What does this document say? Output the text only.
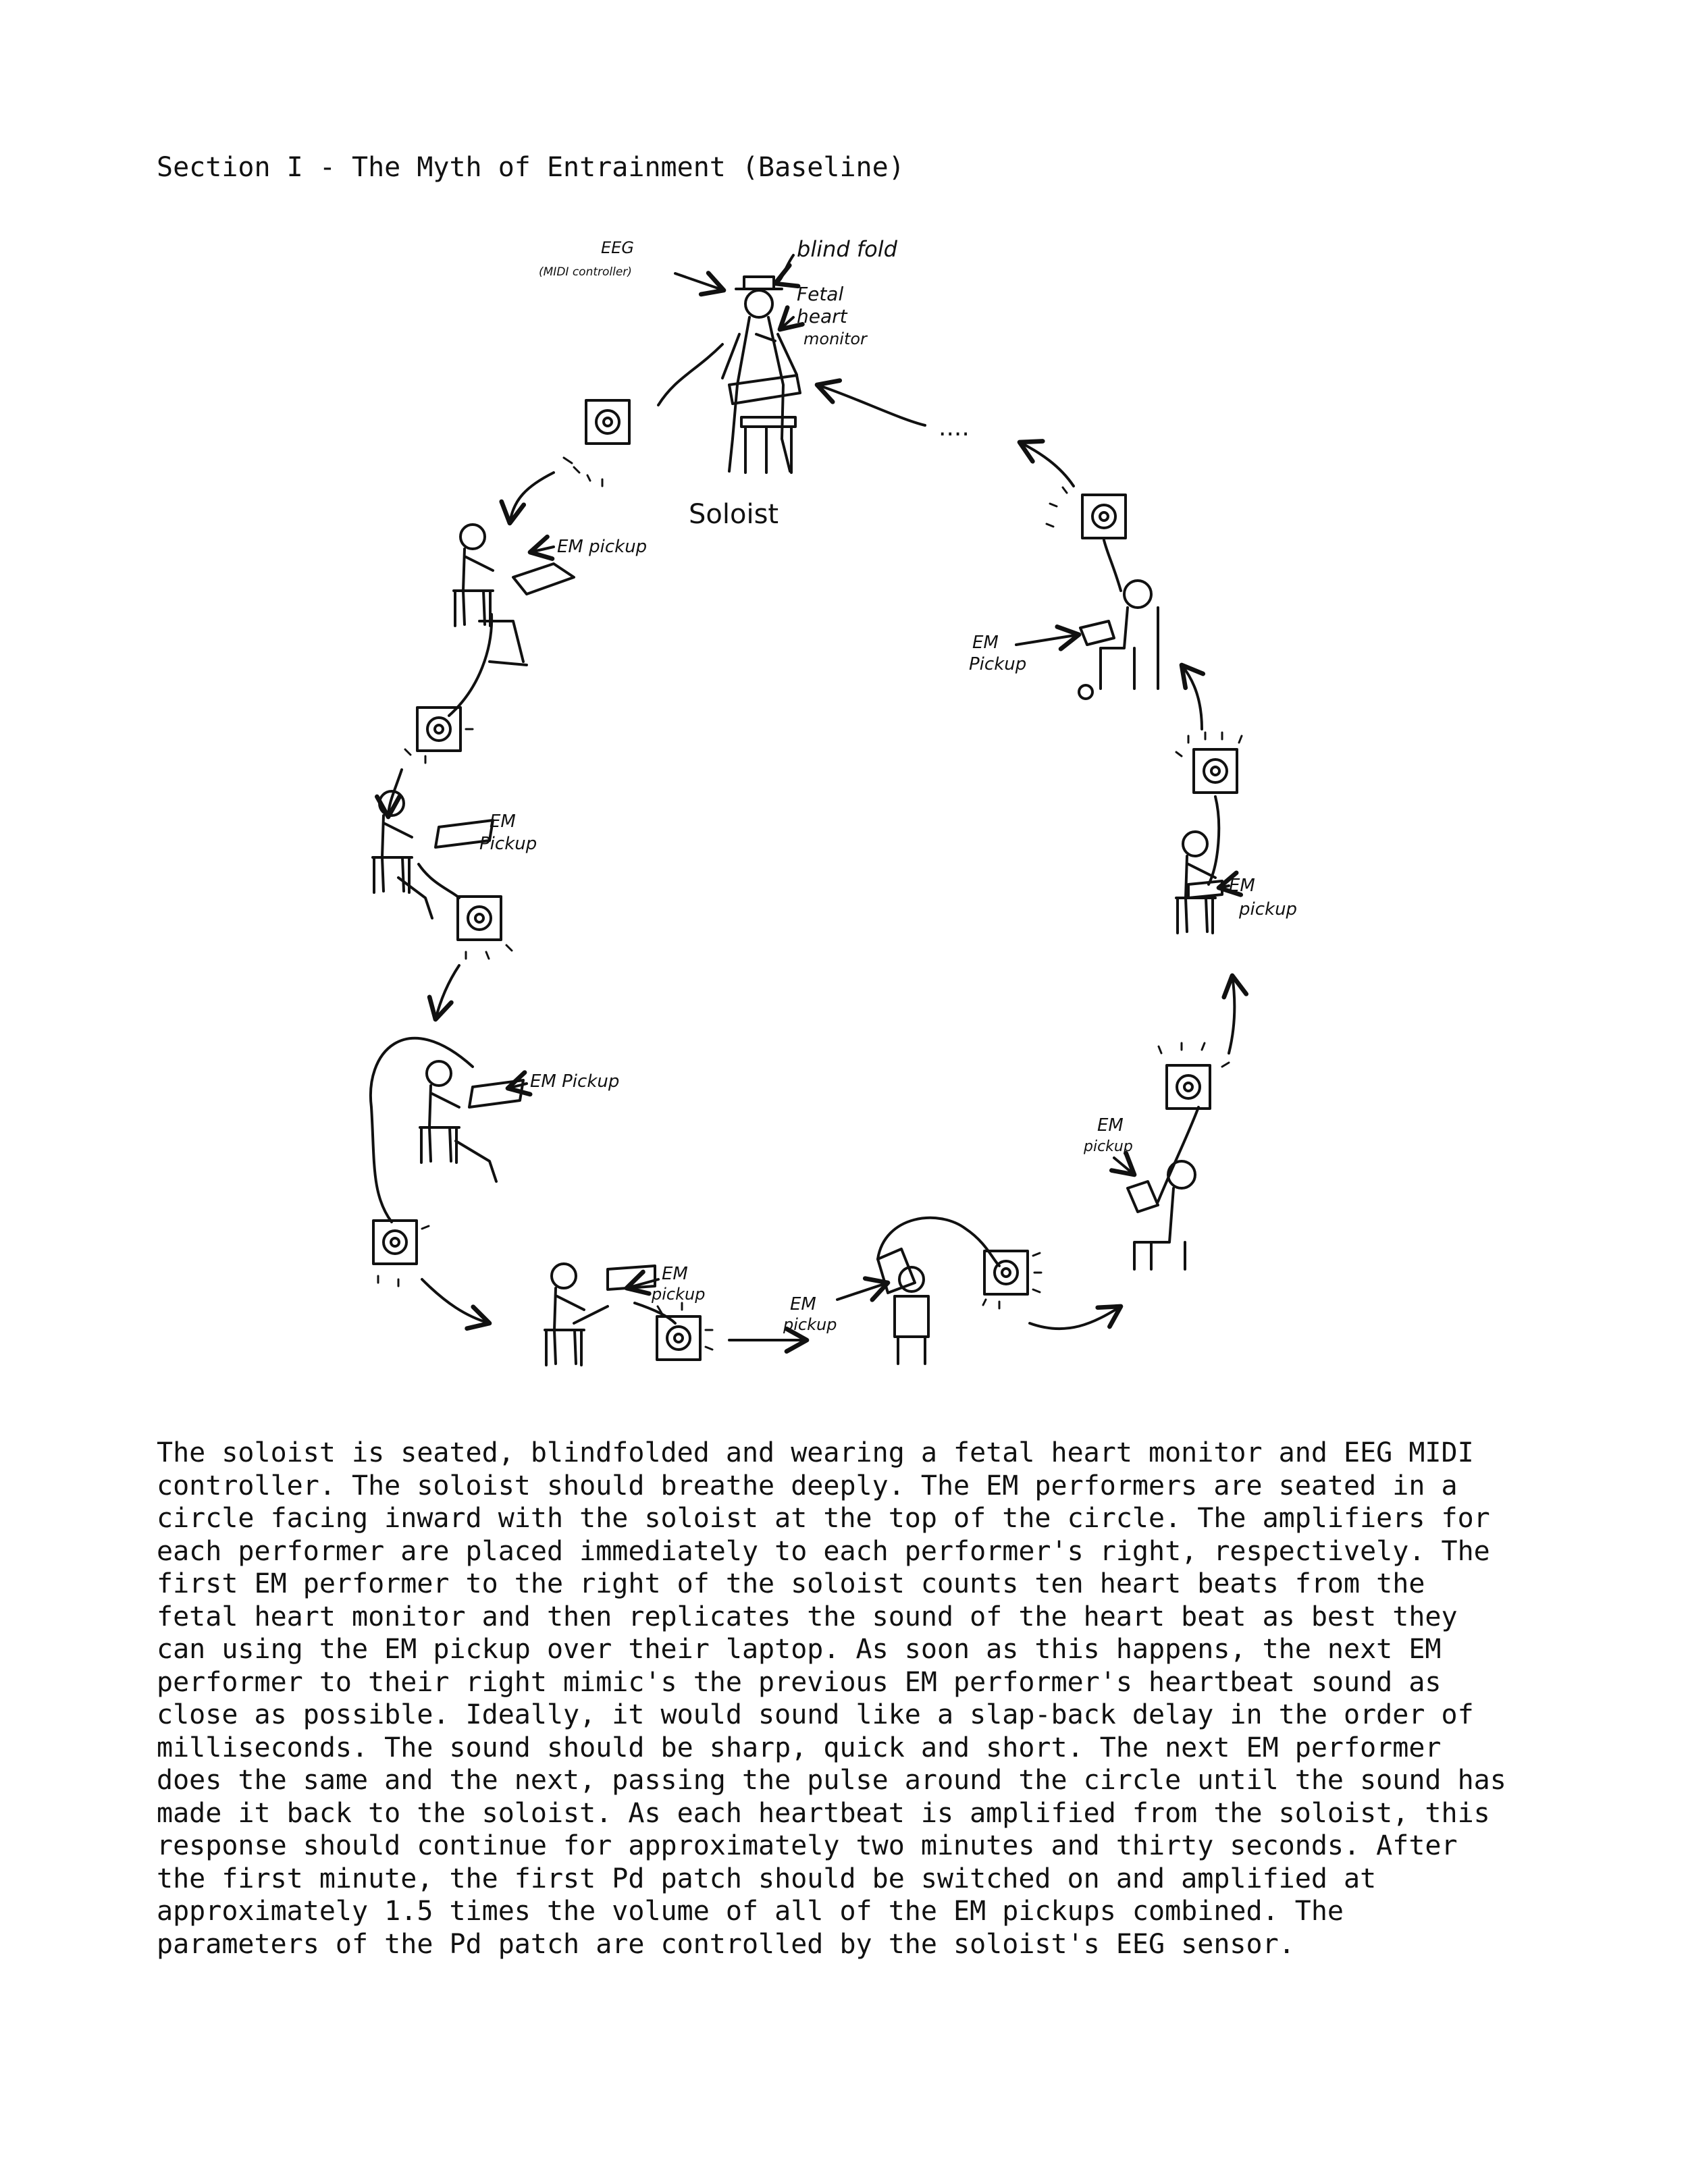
Section I - The Myth of Entrainment (Baseline)
EEG
(MIDI controller)
blind fold
Fetal
heart
monitor
Soloist
EM pickup
EM
Pickup
EM Pickup
EM
pickup	EM
pickup
EM
pickup
EM
pickup
EM
Pickup
....
The soloist is seated, blindfolded and wearing a fetal heart monitor and EEG MIDI
controller. The soloist should breathe deeply. The EM performers are seated in a
circle facing inward with the soloist at the top of the circle. The amplifiers for
each performer are placed immediately to each performer's right, respectively. The
first EM performer to the right of the soloist counts ten heart beats from the
fetal heart monitor and then replicates the sound of the heart beat as best they
can using the EM pickup over their laptop. As soon as this happens, the next EM
performer to their right mimic's the previous EM performer's heartbeat sound as
close as possible. Ideally, it would sound like a slap-back delay in the order of
milliseconds. The sound should be sharp, quick and short. The next EM performer
does the same and the next, passing the pulse around the circle until the sound has
made it back to the soloist. As each heartbeat is amplified from the soloist, this
response should continue for approximately two minutes and thirty seconds. After
the first minute, the first Pd patch should be switched on and amplified at
approximately 1.5 times the volume of all of the EM pickups combined. The
parameters of the Pd patch are controlled by the soloist's EEG sensor.
